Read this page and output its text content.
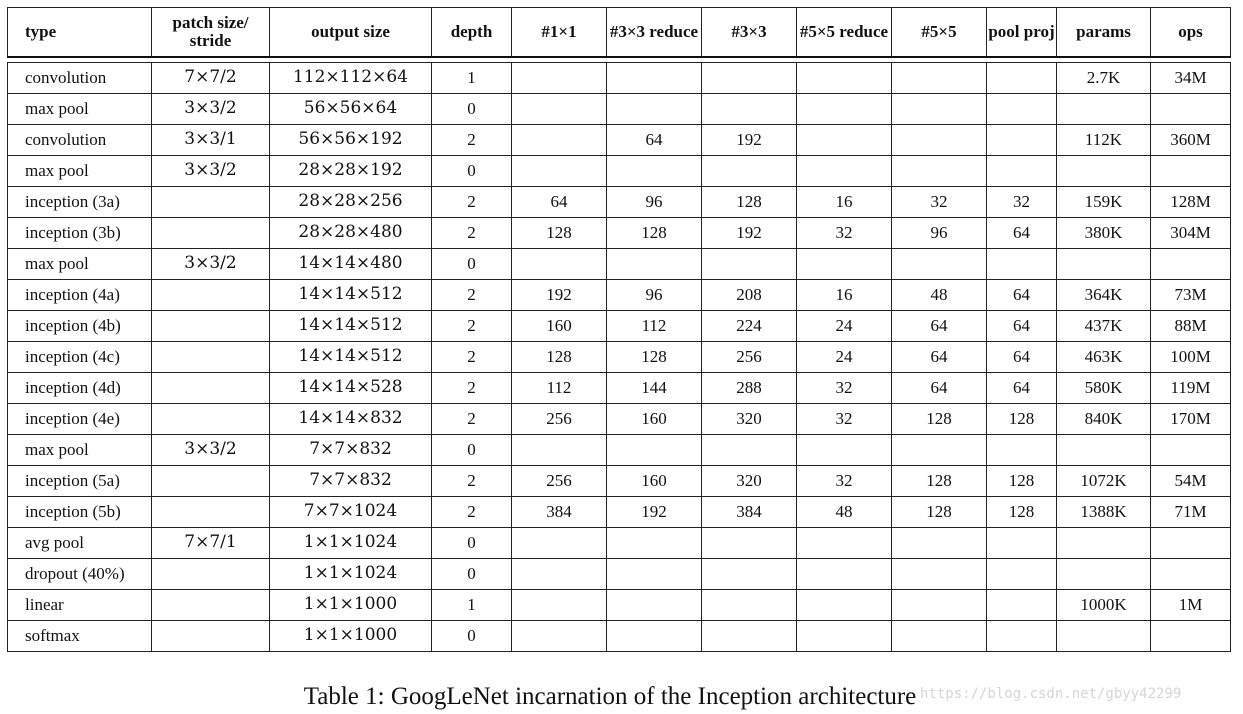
type	patch size/ stride	output size	depth	#1×1	#3×3 reduce	#3×3	#5×5 reduce	#5×5	pool proj	params	ops

convolution	7×7/2	112×112×64	1							2.7K	34M
max pool	3×3/2	56×56×64	0								
convolution	3×3/1	56×56×192	2		64	192				112K	360M
max pool	3×3/2	28×28×192	0								
inception (3a)		28×28×256	2	64	96	128	16	32	32	159K	128M
inception (3b)		28×28×480	2	128	128	192	32	96	64	380K	304M
max pool	3×3/2	14×14×480	0								
inception (4a)		14×14×512	2	192	96	208	16	48	64	364K	73M
inception (4b)		14×14×512	2	160	112	224	24	64	64	437K	88M
inception (4c)		14×14×512	2	128	128	256	24	64	64	463K	100M
inception (4d)		14×14×528	2	112	144	288	32	64	64	580K	119M
inception (4e)		14×14×832	2	256	160	320	32	128	128	840K	170M
max pool	3×3/2	7×7×832	0								
inception (5a)		7×7×832	2	256	160	320	32	128	128	1072K	54M
inception (5b)		7×7×1024	2	384	192	384	48	128	128	1388K	71M
avg pool	7×7/1	1×1×1024	0								
dropout (40%)		1×1×1024	0								
linear		1×1×1000	1							1000K	1M
softmax		1×1×1000	0								
Table 1: GoogLeNet incarnation of the Inception architecture https://blog.csdn.net/gbyy42299
